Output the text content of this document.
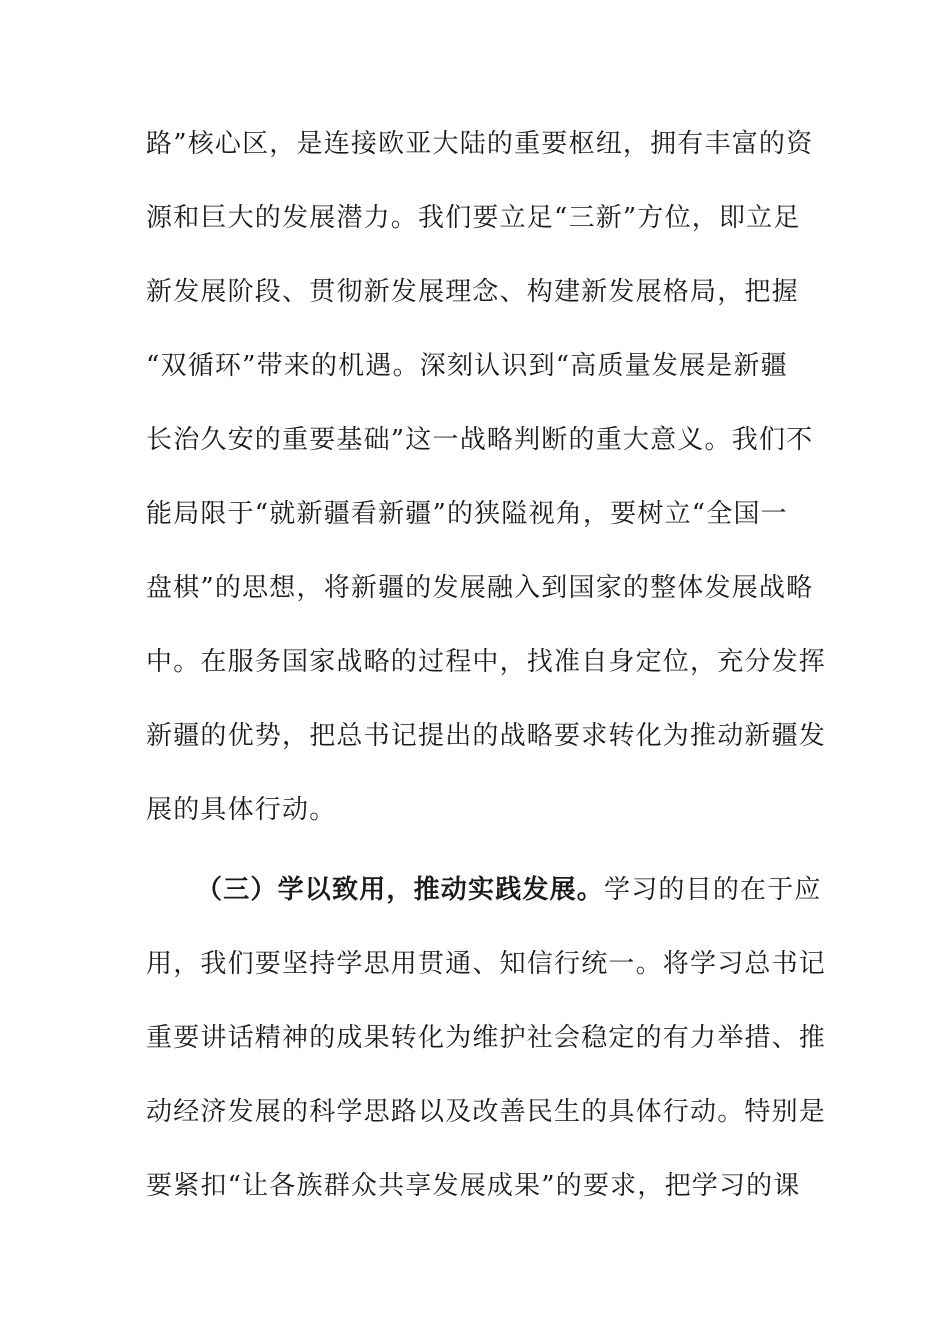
路”核心区，是连接欧亚大陆的重要枢纽，拥有丰富的资
源和巨大的发展潜力。我们要立足“三新”方位，即立足
新发展阶段、贯彻新发展理念、构建新发展格局，把握
“双循环”带来的机遇。深刻认识到“高质量发展是新疆
长治久安的重要基础”这一战略判断的重大意义。我们不
能局限于“就新疆看新疆”的狭隘视角，要树立“全国一
盘棋”的思想，将新疆的发展融入到国家的整体发展战略
中。在服务国家战略的过程中，找准自身定位，充分发挥
新疆的优势，把总书记提出的战略要求转化为推动新疆发
展的具体行动。
（三）学以致用，推动实践发展。学习的目的在于应
用，我们要坚持学思用贯通、知信行统一。将学习总书记
重要讲话精神的成果转化为维护社会稳定的有力举措、推
动经济发展的科学思路以及改善民生的具体行动。特别是
要紧扣“让各族群众共享发展成果”的要求，把学习的课
